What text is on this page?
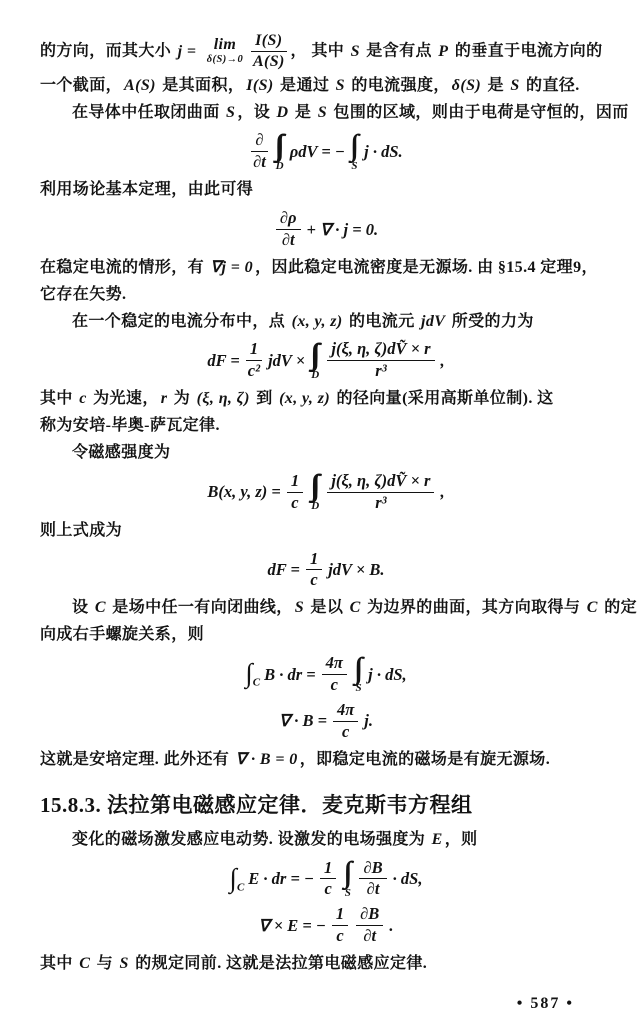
的方向，而其大小 j = lim
$\delta(S)\to 0 \frac{I(S)}{A(S)}$ ， 其中 S 是含有点 P 的垂直于电流方向的
一个截面， A(S) 是其面积， I(S) 是通过 S 的电流强度， δ(S) 是 S 的直径.
在导体中任取闭曲面 S ，设 D 是 S 包围的区域，则由于电荷是守恒的，因而
$\frac{\partial}{\partial t}$ ∫∫∫
D
ρdV = − ∫∫
S
j · dS.
利用场论基本定理，由此可得
$\frac{\partial\rho}{\partial t}$ + ∇ · j = 0.
在稳定电流的情形，有 ∇j = 0 ，因此稳定电流密度是无源场. 由 §15.4 定理9，
它存在矢势.
在一个稳定的电流分布中，点 (x, y, z) 的电流元 jdV 所受的力为
dF = $\frac{1}{\text{c²}}$ jdV × ∫∫∫
D $\frac{\text{j(ξ, η, ζ)dṼ × r}}{\text{r³}}$ ,
其中 c 为光速， r 为 (ξ, η, ζ) 到 (x, y, z) 的径向量(采用高斯单位制). 这
称为安培-毕奥-萨瓦定律.
令磁感强度为
B(x, y, $z) = \frac{1}{c}$ ∫∫∫
D $\frac{\text{j(ξ, η, ζ)dṼ × r}}{\text{r³}}$ ,
则上式成为
dF = $\frac{1}{c}$ jdV × B.
设 C 是场中任一有向闭曲线， S 是以 C 为边界的曲面，其方向取得与 C 的定
向成右手螺旋关系，则
$\int_C$ B · dr = $\frac{4\pi}{c}$ ∫∫
S
j · dS,
∇ · $B = \frac{4\pi}{c} j$.
这就是安培定理. 此外还有 ∇ · B = 0 ，即稳定电流的磁场是有旋无源场.
15.8.3. 法拉第电磁感应定律．麦克斯韦方程组
变化的磁场激发感应电动势. 设激发的电场强度为 E ，则
$\int_C$ E · dr = − $\frac{1}{c}$ ∫∫
S $\frac{\partial B}{\partial t}$ · dS,
∇ × E = − $\frac{1}{c} \frac{\partial B}{\partial t}$ .
其中 C 与 S 的规定同前. 这就是法拉第电磁感应定律.
• 587 •
